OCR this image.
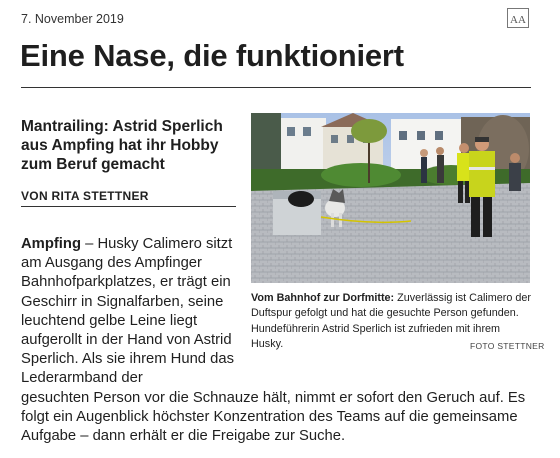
7. November 2019	AA
Eine Nase, die funktioniert
Mantrailing: Astrid Sperlich aus Ampfing hat ihr Hobby zum Beruf gemacht
VON RITA STETTNER

Ampfing – Husky Calimero sitzt am Ausgang des Ampfinger Bahnhofparkplatzes, er trägt ein Geschirr in Signalfarben, seine leuchtend gelbe Leine liegt aufgerollt in der Hand von Astrid Sperlich. Als sie ihrem Hund das Lederarmband der

Vom Bahnhof zur Dorfmitte: Zuverlässig ist Calimero der Duftspur gefolgt und hat die gesuchte Person gefunden. Hundeführerin Astrid Sperlich ist zufrieden mit ihrem Husky.	FOTO STETTNER

gesuchten Person vor die Schnauze hält, nimmt er sofort den Geruch auf. Es folgt ein Augenblick höchster Konzentration des Teams auf die gemeinsame Aufgabe – dann erhält er die Freigabe zur Suche.
